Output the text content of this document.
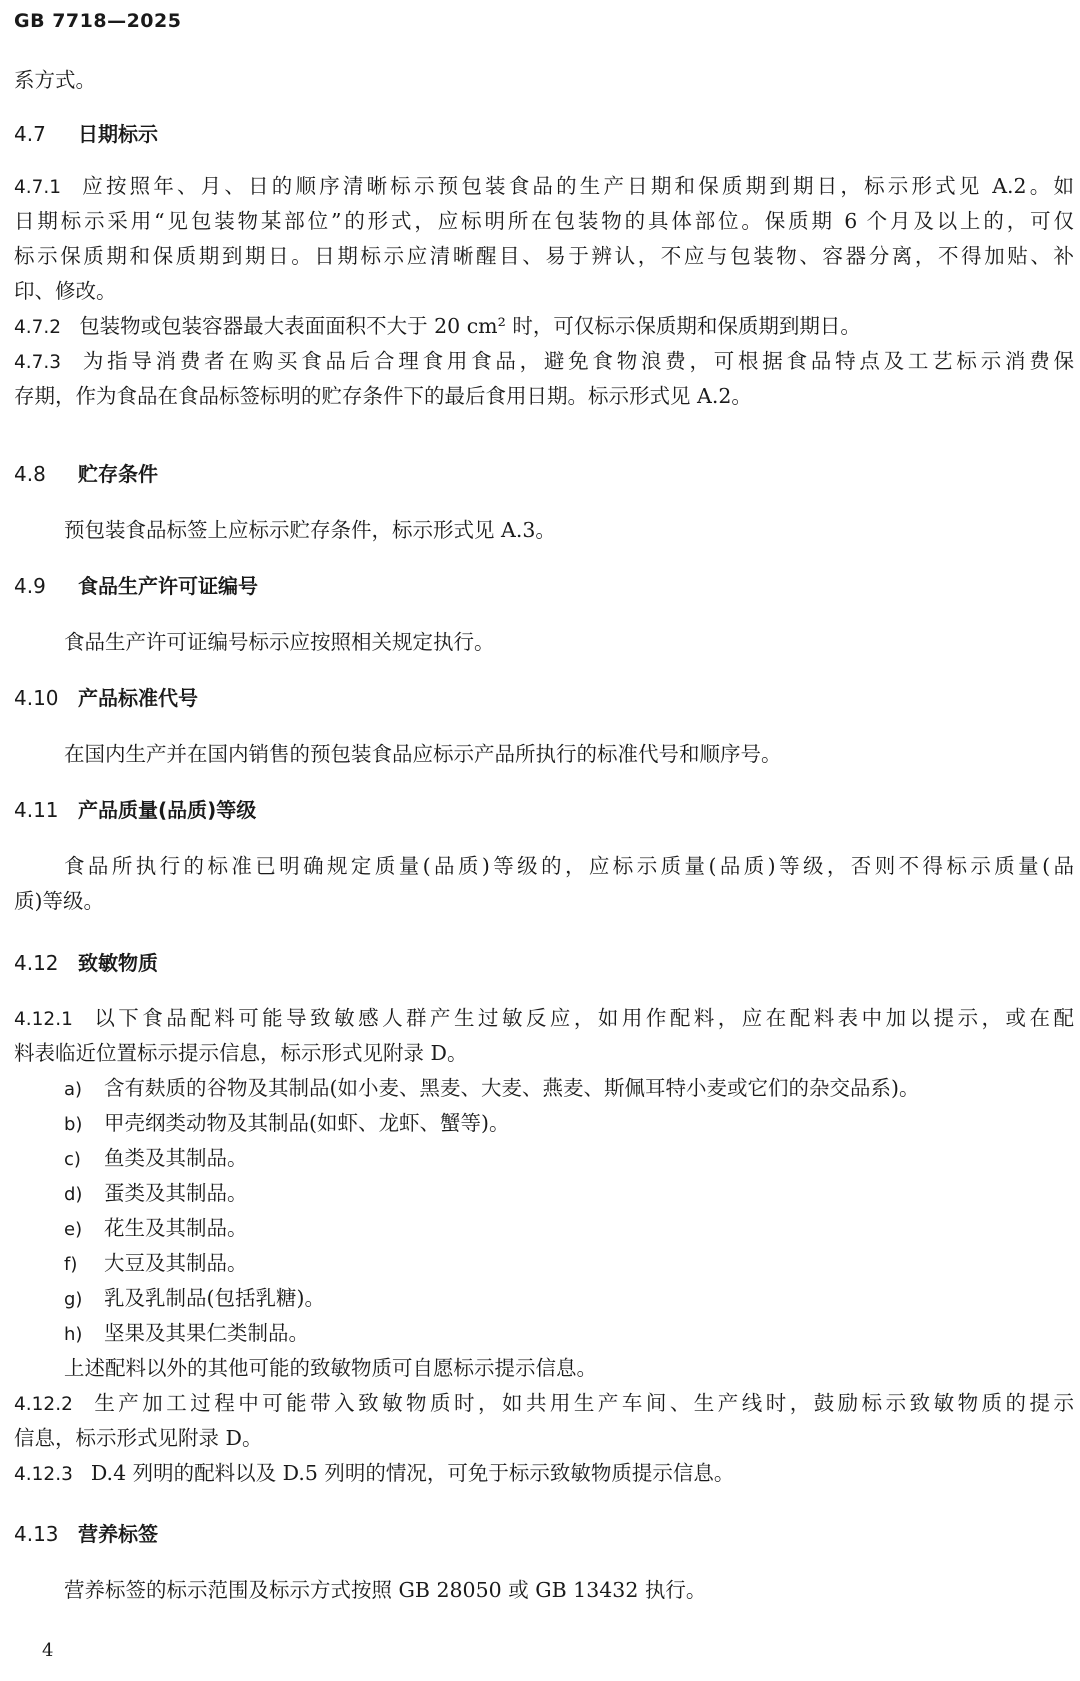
GB 7718—2025
系方式。
4.7 日期标示
4.7.1 应按照年、月、日的顺序清晰标示预包装食品的生产日期和保质期到期日，标示形式见 A.2。如
日期标示采用“见包装物某部位”的形式，应标明所在包装物的具体部位。保质期 6 个月及以上的，可仅
标示保质期和保质期到期日。日期标示应清晰醒目、易于辨认，不应与包装物、容器分离，不得加贴、补
印、修改。
4.7.2 包装物或包装容器最大表面面积不大于 20 cm² 时，可仅标示保质期和保质期到期日。
4.7.3 为指导消费者在购买食品后合理食用食品，避免食物浪费，可根据食品特点及工艺标示消费保
存期，作为食品在食品标签标明的贮存条件下的最后食用日期。标示形式见 A.2。
4.8 贮存条件
预包装食品标签上应标示贮存条件，标示形式见 A.3。
4.9 食品生产许可证编号
食品生产许可证编号标示应按照相关规定执行。
4.10 产品标准代号
在国内生产并在国内销售的预包装食品应标示产品所执行的标准代号和顺序号。
4.11 产品质量(品质)等级
食品所执行的标准已明确规定质量(品质)等级的，应标示质量(品质)等级，否则不得标示质量(品
质)等级。
4.12 致敏物质
4.12.1 以下食品配料可能导致敏感人群产生过敏反应，如用作配料，应在配料表中加以提示，或在配
料表临近位置标示提示信息，标示形式见附录 D。
a) 含有麸质的谷物及其制品(如小麦、黑麦、大麦、燕麦、斯佩耳特小麦或它们的杂交品系)。
b) 甲壳纲类动物及其制品(如虾、龙虾、蟹等)。
c) 鱼类及其制品。
d) 蛋类及其制品。
e) 花生及其制品。
f) 大豆及其制品。
g) 乳及乳制品(包括乳糖)。
h) 坚果及其果仁类制品。
上述配料以外的其他可能的致敏物质可自愿标示提示信息。
4.12.2 生产加工过程中可能带入致敏物质时，如共用生产车间、生产线时，鼓励标示致敏物质的提示
信息，标示形式见附录 D。
4.12.3 D.4 列明的配料以及 D.5 列明的情况，可免于标示致敏物质提示信息。
4.13 营养标签
营养标签的标示范围及标示方式按照 GB 28050 或 GB 13432 执行。
4
